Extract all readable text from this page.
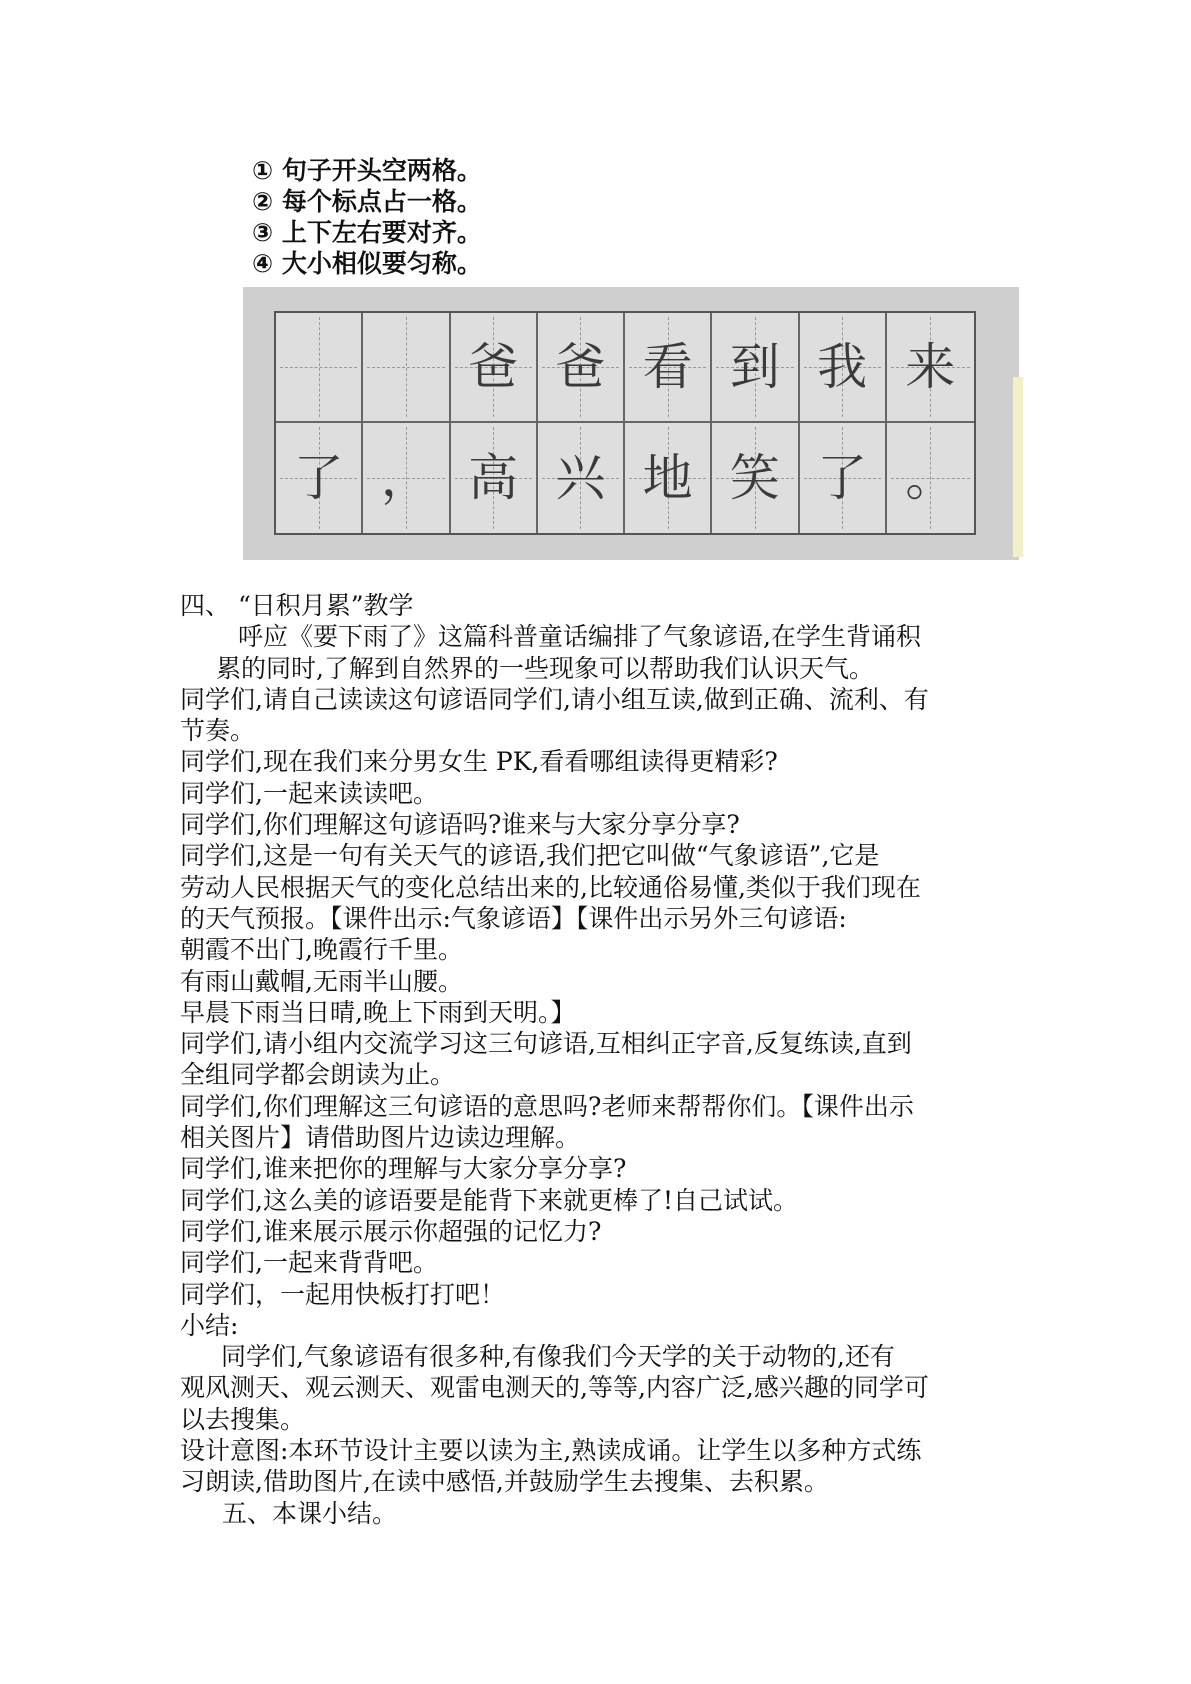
① 句子开头空两格。
② 每个标点占一格。
③ 上下左右要对齐。
④ 大小相似要匀称。
爸 爸 看 到 我 来
了 ， 高 兴 地 笑 了 。

四、 “日积月累”教学

呼应《要下雨了》这篇科普童话编排了气象谚语,在学生背诵积

累的同时,了解到自然界的一些现象可以帮助我们认识天气。

同学们,请自己读读这句谚语同学们,请小组互读,做到正确、流利、有

节奏。

同学们,现在我们来分男女生 PK,看看哪组读得更精彩?

同学们,一起来读读吧。

同学们,你们理解这句谚语吗?谁来与大家分享分享?

同学们,这是一句有关天气的谚语,我们把它叫做“气象谚语”,它是

劳动人民根据天气的变化总结出来的,比较通俗易懂,类似于我们现在

的天气预报。【课件出示:气象谚语】【课件出示另外三句谚语:

朝霞不出门,晚霞行千里。

有雨山戴帽,无雨半山腰。

早晨下雨当日晴,晚上下雨到天明。】

同学们,请小组内交流学习这三句谚语,互相纠正字音,反复练读,直到

全组同学都会朗读为止。

同学们,你们理解这三句谚语的意思吗?老师来帮帮你们。【课件出示

相关图片】请借助图片边读边理解。

同学们,谁来把你的理解与大家分享分享?

同学们,这么美的谚语要是能背下来就更棒了!自己试试。

同学们,谁来展示展示你超强的记忆力?

同学们,一起来背背吧。

同学们，一起用快板打打吧！

小结:

同学们,气象谚语有很多种,有像我们今天学的关于动物的,还有

观风测天、观云测天、观雷电测天的,等等,内容广泛,感兴趣的同学可

以去搜集。

设计意图:本环节设计主要以读为主,熟读成诵。让学生以多种方式练

习朗读,借助图片,在读中感悟,并鼓励学生去搜集、去积累。

五、本课小结。
